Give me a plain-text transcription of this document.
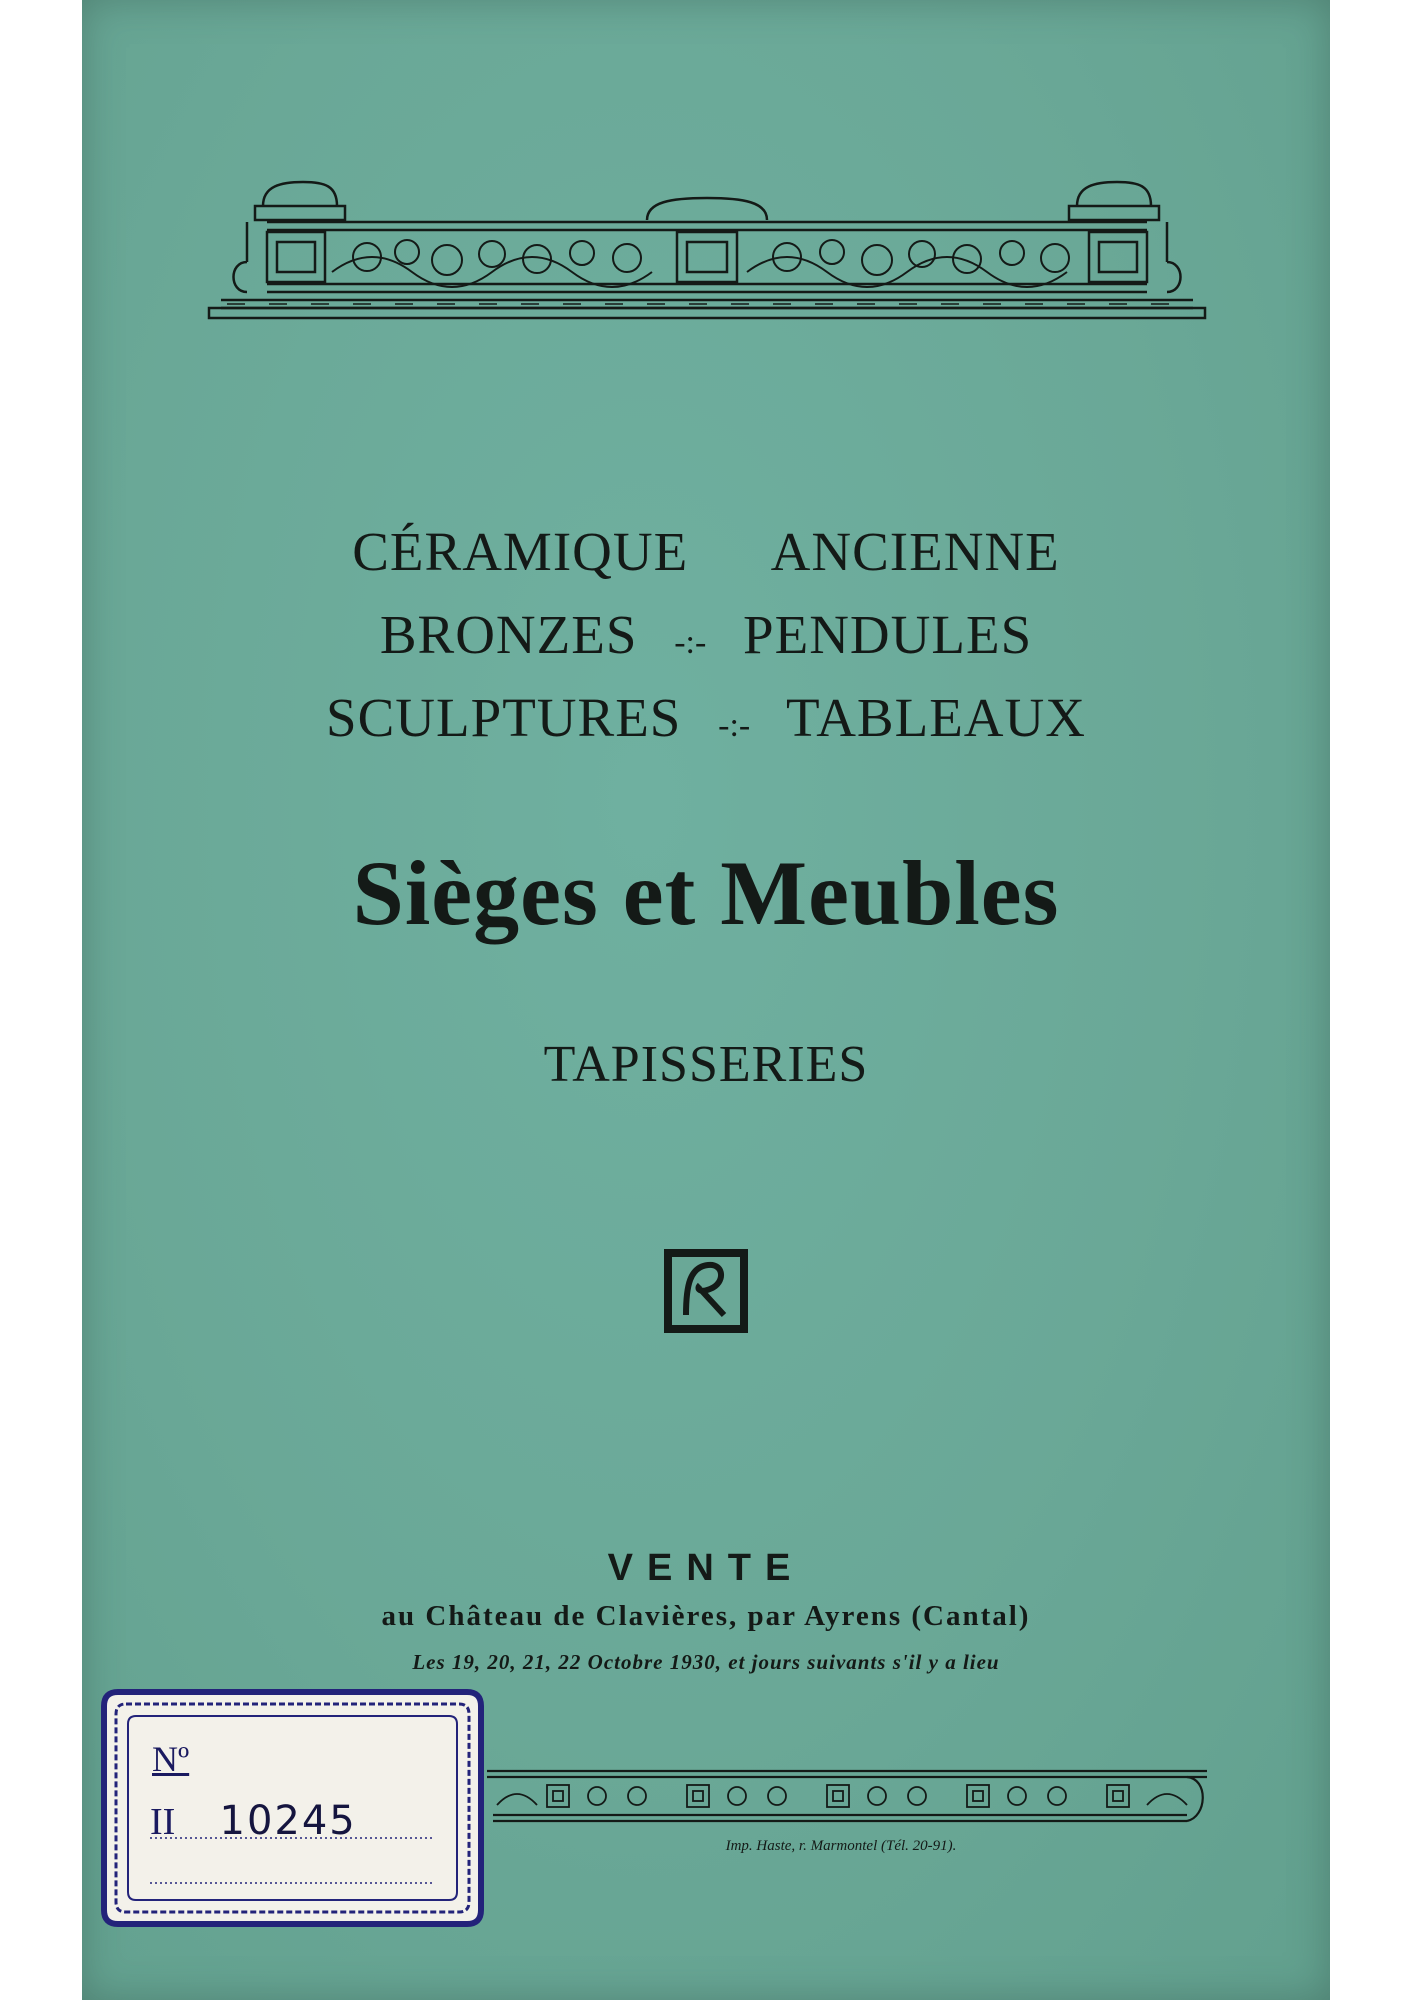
CÉRAMIQUE ANCIENNE
BRONZES -:- PENDULES
SCULPTURES -:- TABLEAUX
Sièges et Meubles
TAPISSERIES
VENTE
au Château de Clavières, par Ayrens (Cantal)
Les 19, 20, 21, 22 Octobre 1930, et jours suivants s'il y a lieu
Imp. Haste, r. Marmontel (Tél. 20-91).
Nº
II 10245
